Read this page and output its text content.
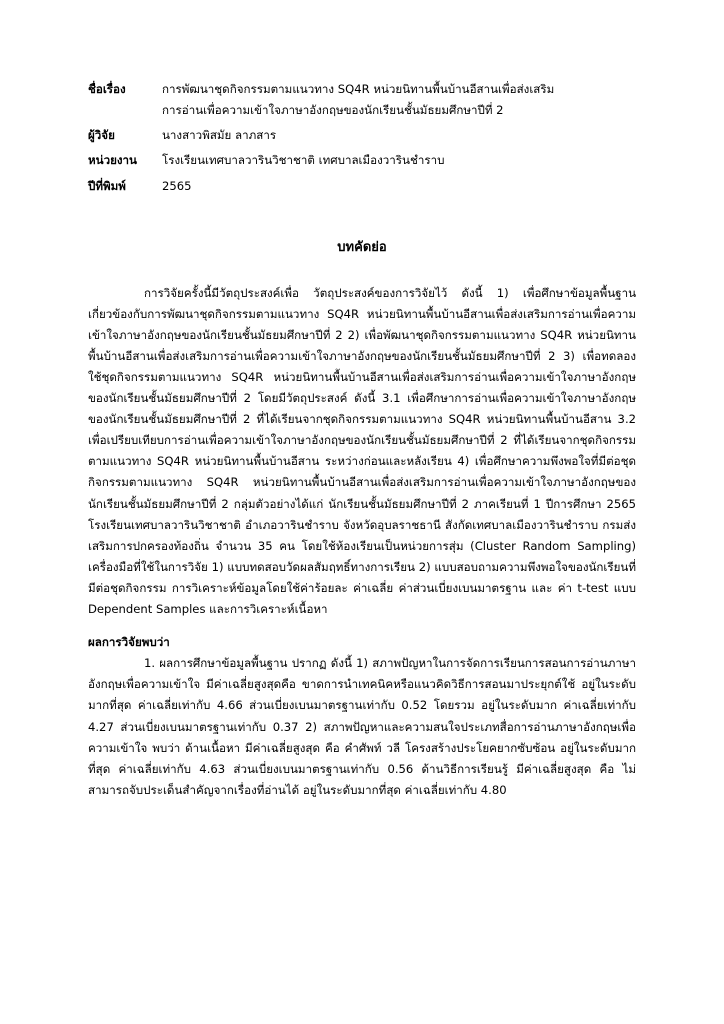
ชื่อเรื่อง	การพัฒนาชุดกิจกรรมตามแนวทาง SQ4R หน่วยนิทานพื้นบ้านอีสานเพื่อส่งเสริม
การอ่านเพื่อความเข้าใจภาษาอังกฤษของนักเรียนชั้นมัธยมศึกษาปีที่ 2

ผู้วิจัย	นางสาวพิสมัย ลาภสาร
หน่วยงาน	โรงเรียนเทศบาลวารินวิชาชาติ เทศบาลเมืองวารินชำราบ
ปีที่พิมพ์	2565
บทคัดย่อ

การวิจัยครั้งนี้มีวัตถุประสงค์เพื่อ วัตถุประสงค์ของการวิจัยไว้ ดังนี้ 1) เพื่อศึกษาข้อมูลพื้นฐานเกี่ยวข้องกับการพัฒนาชุดกิจกรรมตามแนวทาง SQ4R หน่วยนิทานพื้นบ้านอีสานเพื่อส่งเสริมการอ่านเพื่อความเข้าใจภาษาอังกฤษของนักเรียนชั้นมัธยมศึกษาปีที่ 2 2) เพื่อพัฒนาชุดกิจกรรมตามแนวทาง SQ4R หน่วยนิทานพื้นบ้านอีสานเพื่อส่งเสริมการอ่านเพื่อความเข้าใจภาษาอังกฤษของนักเรียนชั้นมัธยมศึกษาปีที่ 2 3) เพื่อทดลองใช้ชุดกิจกรรมตามแนวทาง SQ4R หน่วยนิทานพื้นบ้านอีสานเพื่อส่งเสริมการอ่านเพื่อความเข้าใจภาษาอังกฤษของนักเรียนชั้นมัธยมศึกษาปีที่ 2 โดยมีวัตถุประสงค์ ดังนี้ 3.1 เพื่อศึกษาการอ่านเพื่อความเข้าใจภาษาอังกฤษของนักเรียนชั้นมัธยมศึกษาปีที่ 2 ที่ได้เรียนจากชุดกิจกรรมตามแนวทาง SQ4R หน่วยนิทานพื้นบ้านอีสาน 3.2 เพื่อเปรียบเทียบการอ่านเพื่อความเข้าใจภาษาอังกฤษของนักเรียนชั้นมัธยมศึกษาปีที่ 2 ที่ได้เรียนจากชุดกิจกรรมตามแนวทาง SQ4R หน่วยนิทานพื้นบ้านอีสาน ระหว่างก่อนและหลังเรียน 4) เพื่อศึกษาความพึงพอใจที่มีต่อชุดกิจกรรมตามแนวทาง SQ4R หน่วยนิทานพื้นบ้านอีสานเพื่อส่งเสริมการอ่านเพื่อความเข้าใจภาษาอังกฤษของนักเรียนชั้นมัธยมศึกษาปีที่ 2 กลุ่มตัวอย่างได้แก่ นักเรียนชั้นมัธยมศึกษาปีที่ 2 ภาคเรียนที่ 1 ปีการศึกษา 2565 โรงเรียนเทศบาลวารินวิชาชาติ อำเภอวารินชำราบ จังหวัดอุบลราชธานี สังกัดเทศบาลเมืองวารินชำราบ กรมส่งเสริมการปกครองท้องถิ่น จำนวน 35 คน โดยใช้ห้องเรียนเป็นหน่วยการสุ่ม (Cluster Random Sampling) เครื่องมือที่ใช้ในการวิจัย 1) แบบทดสอบวัดผลสัมฤทธิ์ทางการเรียน 2) แบบสอบถามความพึงพอใจของนักเรียนที่มีต่อชุดกิจกรรม การวิเคราะห์ข้อมูลโดยใช้ค่าร้อยละ ค่าเฉลี่ย ค่าส่วนเบี่ยงเบนมาตรฐาน และ ค่า t-test แบบ Dependent Samples และการวิเคราะห์เนื้อหา

ผลการวิจัยพบว่า

1. ผลการศึกษาข้อมูลพื้นฐาน ปรากฏ ดังนี้ 1) สภาพปัญหาในการจัดการเรียนการสอนการอ่านภาษาอังกฤษเพื่อความเข้าใจ มีค่าเฉลี่ยสูงสุดคือ ขาดการนำเทคนิคหรือแนวคิดวิธีการสอนมาประยุกต์ใช้ อยู่ในระดับมากที่สุด ค่าเฉลี่ยเท่ากับ 4.66 ส่วนเบี่ยงเบนมาตรฐานเท่ากับ 0.52 โดยรวม อยู่ในระดับมาก ค่าเฉลี่ยเท่ากับ 4.27 ส่วนเบี่ยงเบนมาตรฐานเท่ากับ 0.37 2) สภาพปัญหาและความสนใจประเภทสื่อการอ่านภาษาอังกฤษเพื่อความเข้าใจ พบว่า ด้านเนื้อหา มีค่าเฉลี่ยสูงสุด คือ คำศัพท์ วลี โครงสร้างประโยคยากซับซ้อน อยู่ในระดับมากที่สุด ค่าเฉลี่ยเท่ากับ 4.63 ส่วนเบี่ยงเบนมาตรฐานเท่ากับ 0.56 ด้านวิธีการเรียนรู้ มีค่าเฉลี่ยสูงสุด คือ ไม่สามารถจับประเด็นสำคัญจากเรื่องที่อ่านได้ อยู่ในระดับมากที่สุด ค่าเฉลี่ยเท่ากับ 4.80
